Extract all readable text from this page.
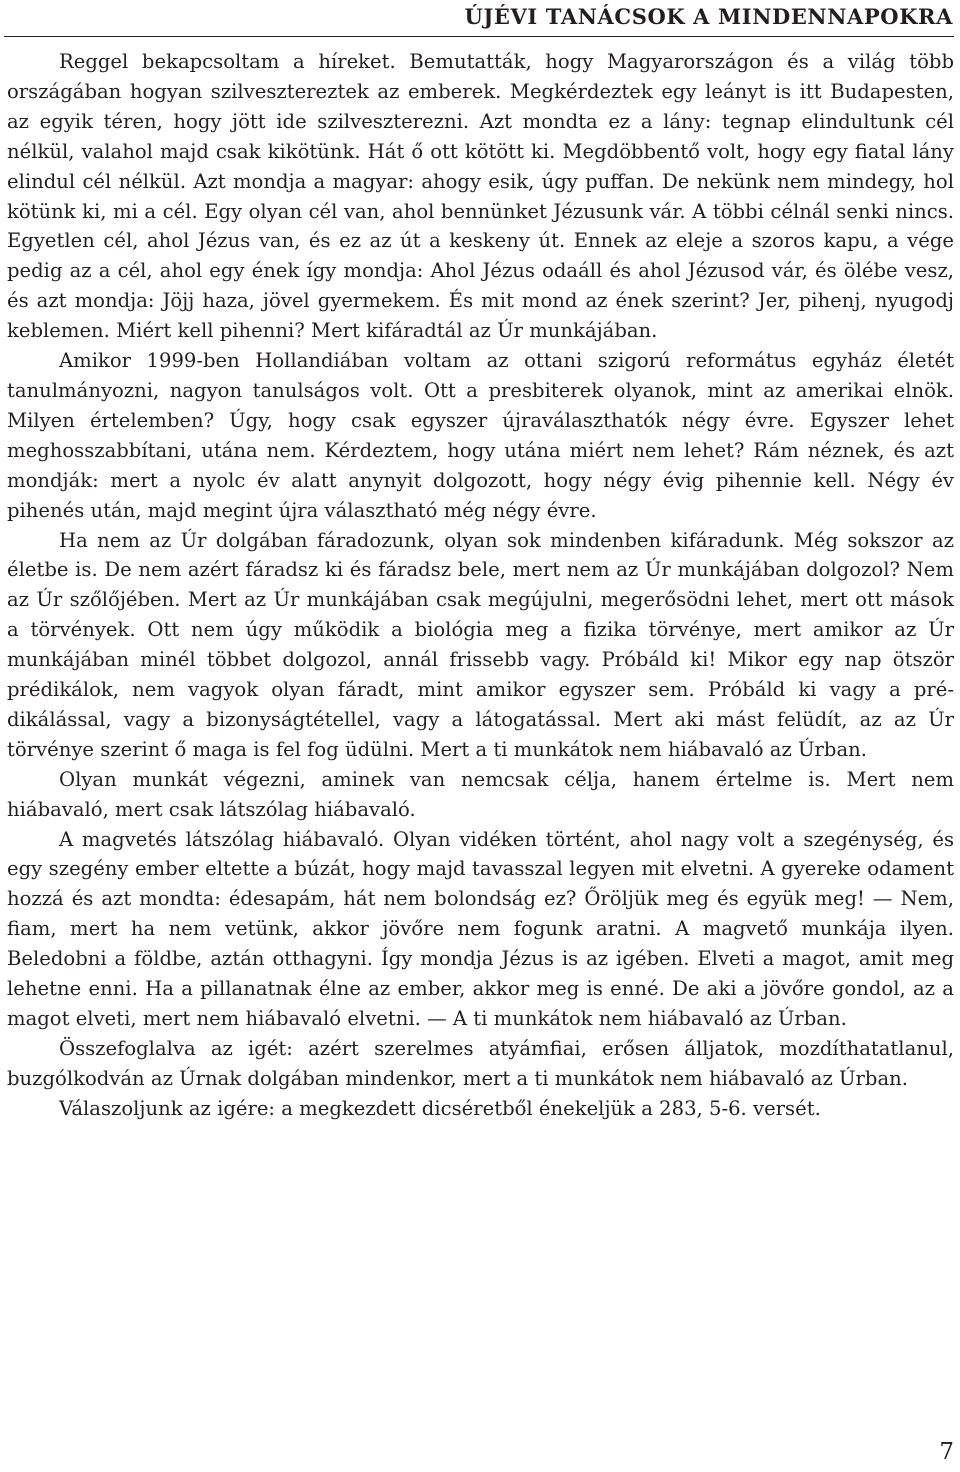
ÚJÉVI TANÁCSOK A MINDENNAPOKRA

Reggel bekapcsoltam a híreket. Bemutatták, hogy Magyarországon és a világ több országában hogyan szilvesztereztek az emberek. Megkérdeztek egy leányt is itt Budapesten, az egyik téren, hogy jött ide szilveszterezni. Azt mondta ez a lány: tegnap elindultunk cél nélkül, valahol majd csak kikötünk. Hát ő ott kötött ki. Megdöbbentő volt, hogy egy fiatal lány elindul cél nélkül. Azt mondja a magyar: ahogy esik, úgy puffan. De nekünk nem mindegy, hol kötünk ki, mi a cél. Egy olyan cél van, ahol bennünket Jézusunk vár. A többi célnál senki nincs. Egyetlen cél, ahol Jézus van, és ez az út a keskeny út. Ennek az eleje a szoros kapu, a vége pedig az a cél, ahol egy ének így mondja: Ahol Jézus odaáll és ahol Jézusod vár, és ölébe vesz, és azt mondja: Jöjj haza, jövel gyermekem. És mit mond az ének szerint? Jer, pihenj, nyugodj keblemen. Miért kell pihenni? Mert kifáradtál az Úr munkájában.

Amikor 1999-ben Hollandiában voltam az ottani szigorú református egyház életét tanulmányozni, nagyon tanulságos volt. Ott a presbiterek olyanok, mint az amerikai elnök. Milyen értelemben? Úgy, hogy csak egyszer újraválaszthatók négy évre. Egyszer lehet meghosszabbítani, utána nem. Kérdeztem, hogy utána miért nem lehet? Rám néznek, és azt mondják: mert a nyolc év alatt anynyit dolgozott, hogy négy évig pihennie kell. Négy év pihenés után, majd megint újra választható még négy évre.

Ha nem az Úr dolgában fáradozunk, olyan sok mindenben kifáradunk. Még sokszor az életbe is. De nem azért fáradsz ki és fáradsz bele, mert nem az Úr munkájában dolgozol? Nem az Úr szőlőjében. Mert az Úr munkájában csak megújulni, megerősödni lehet, mert ott mások a törvények. Ott nem úgy működik a biológia meg a fizika törvénye, mert amikor az Úr munkájában minél többet dolgozol, annál frissebb vagy. Próbáld ki! Mikor egy nap ötször prédikálok, nem vagyok olyan fáradt, mint amikor egyszer sem. Próbáld ki vagy a prédikálással, vagy a bizonyságtétellel, vagy a látogatással. Mert aki mást felüdít, az az Úr törvénye szerint ő maga is fel fog üdülni. Mert a ti munkátok nem hiábavaló az Úrban.

Olyan munkát végezni, aminek van nemcsak célja, hanem értelme is. Mert nem hiábavaló, mert csak látszólag hiábavaló.

A magvetés látszólag hiábavaló. Olyan vidéken történt, ahol nagy volt a szegénység, és egy szegény ember eltette a búzát, hogy majd tavasszal legyen mit elvetni. A gyereke odament hozzá és azt mondta: édesapám, hát nem bolondság ez? Őröljük meg és együk meg! — Nem, fiam, mert ha nem vetünk, akkor jövőre nem fogunk aratni. A magvető munkája ilyen. Beledobni a földbe, aztán otthagyni. Így mondja Jézus is az igében. Elveti a magot, amit meg lehetne enni. Ha a pillanatnak élne az ember, akkor meg is enné. De aki a jövőre gondol, az a magot elveti, mert nem hiábavaló elvetni. — A ti munkátok nem hiábavaló az Úrban.

Összefoglalva az igét: azért szerelmes atyámfiai, erősen álljatok, mozdíthatatlanul, buzgólkodván az Úrnak dolgában mindenkor, mert a ti munkátok nem hiábavaló az Úrban.

Válaszoljunk az igére: a megkezdett dicséretből énekeljük a 283, 5-6. versét.

7
